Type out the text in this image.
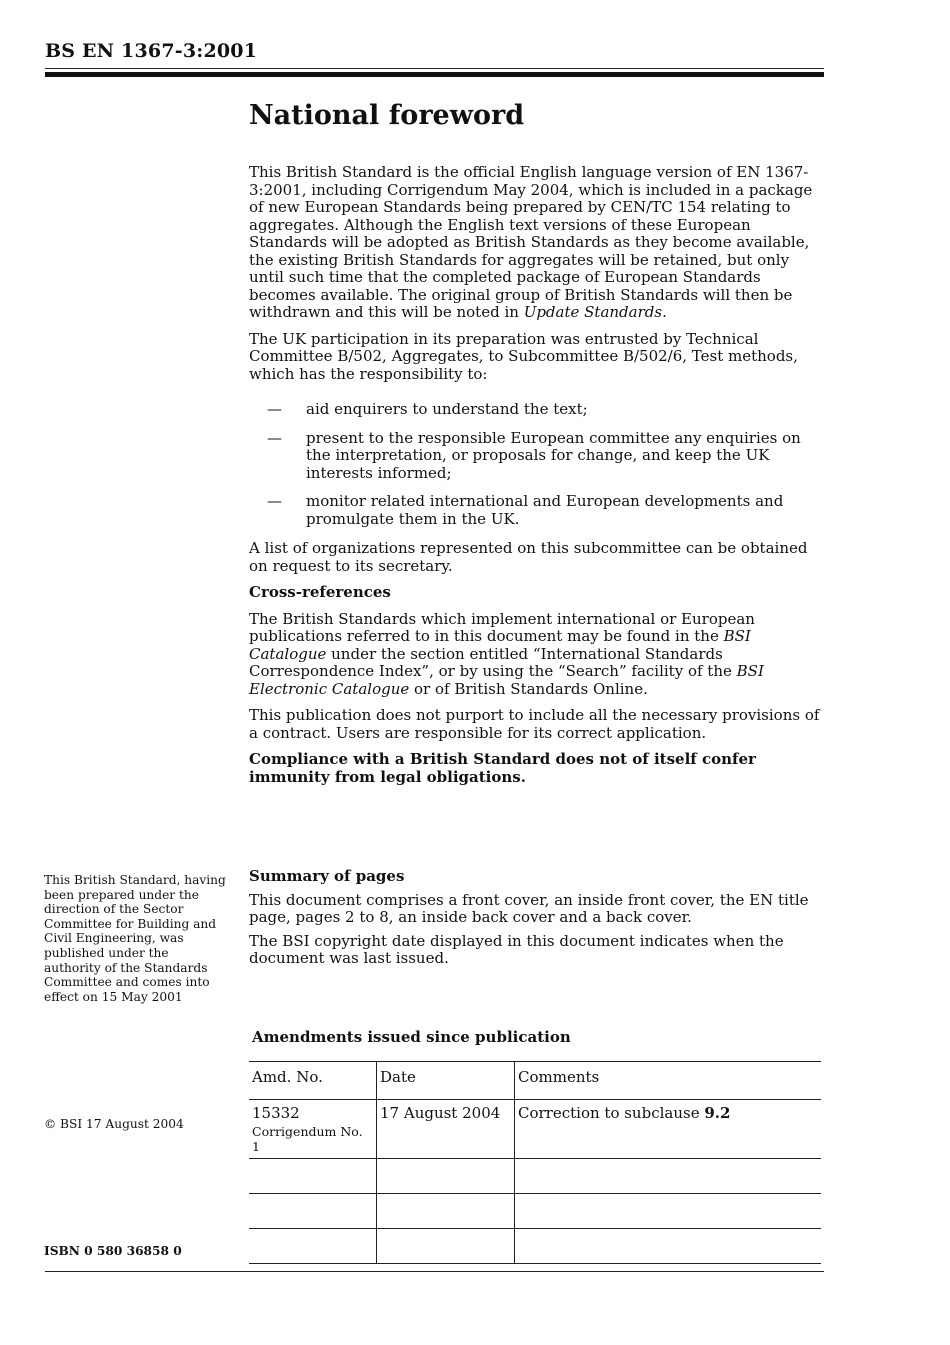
BS EN 1367-3:2001
National foreword

This British Standard is the official English language version of EN 1367-3:2001, including Corrigendum May 2004, which is included in a package of new European Standards being prepared by CEN/TC 154 relating to aggregates. Although the English text versions of these European Standards will be adopted as British Standards as they become available, the existing British Standards for aggregates will be retained, but only until such time that the completed package of European Standards becomes available. The original group of British Standards will then be withdrawn and this will be noted in Update Standards.

The UK participation in its preparation was entrusted by Technical Committee B/502, Aggregates, to Subcommittee B/502/6, Test methods, which has the responsibility to:

— aid enquirers to understand the text;
— present to the responsible European committee any enquiries on the interpretation, or proposals for change, and keep the UK interests informed;
— monitor related international and European developments and promulgate them in the UK.

A list of organizations represented on this subcommittee can be obtained on request to its secretary.

Cross-references

The British Standards which implement international or European publications referred to in this document may be found in the BSI Catalogue under the section entitled “International Standards Correspondence Index”, or by using the “Search” facility of the BSI Electronic Catalogue or of British Standards Online.

This publication does not purport to include all the necessary provisions of a contract. Users are responsible for its correct application.

Compliance with a British Standard does not of itself confer immunity from legal obligations.

Summary of pages

This document comprises a front cover, an inside front cover, the EN title page, pages 2 to 8, an inside back cover and a back cover.

The BSI copyright date displayed in this document indicates when the document was last issued.

This British Standard, having been prepared under the direction of the Sector Committee for Building and Civil Engineering, was published under the authority of the Standards Committee and comes into effect on 15 May 2001
© BSI 17 August 2004
ISBN 0 580 36858 0
Amendments issued since publication
Amd. No.	Date	Comments
15332
Corrigendum No. 1	17 August 2004	Correction to subclause 9.2
